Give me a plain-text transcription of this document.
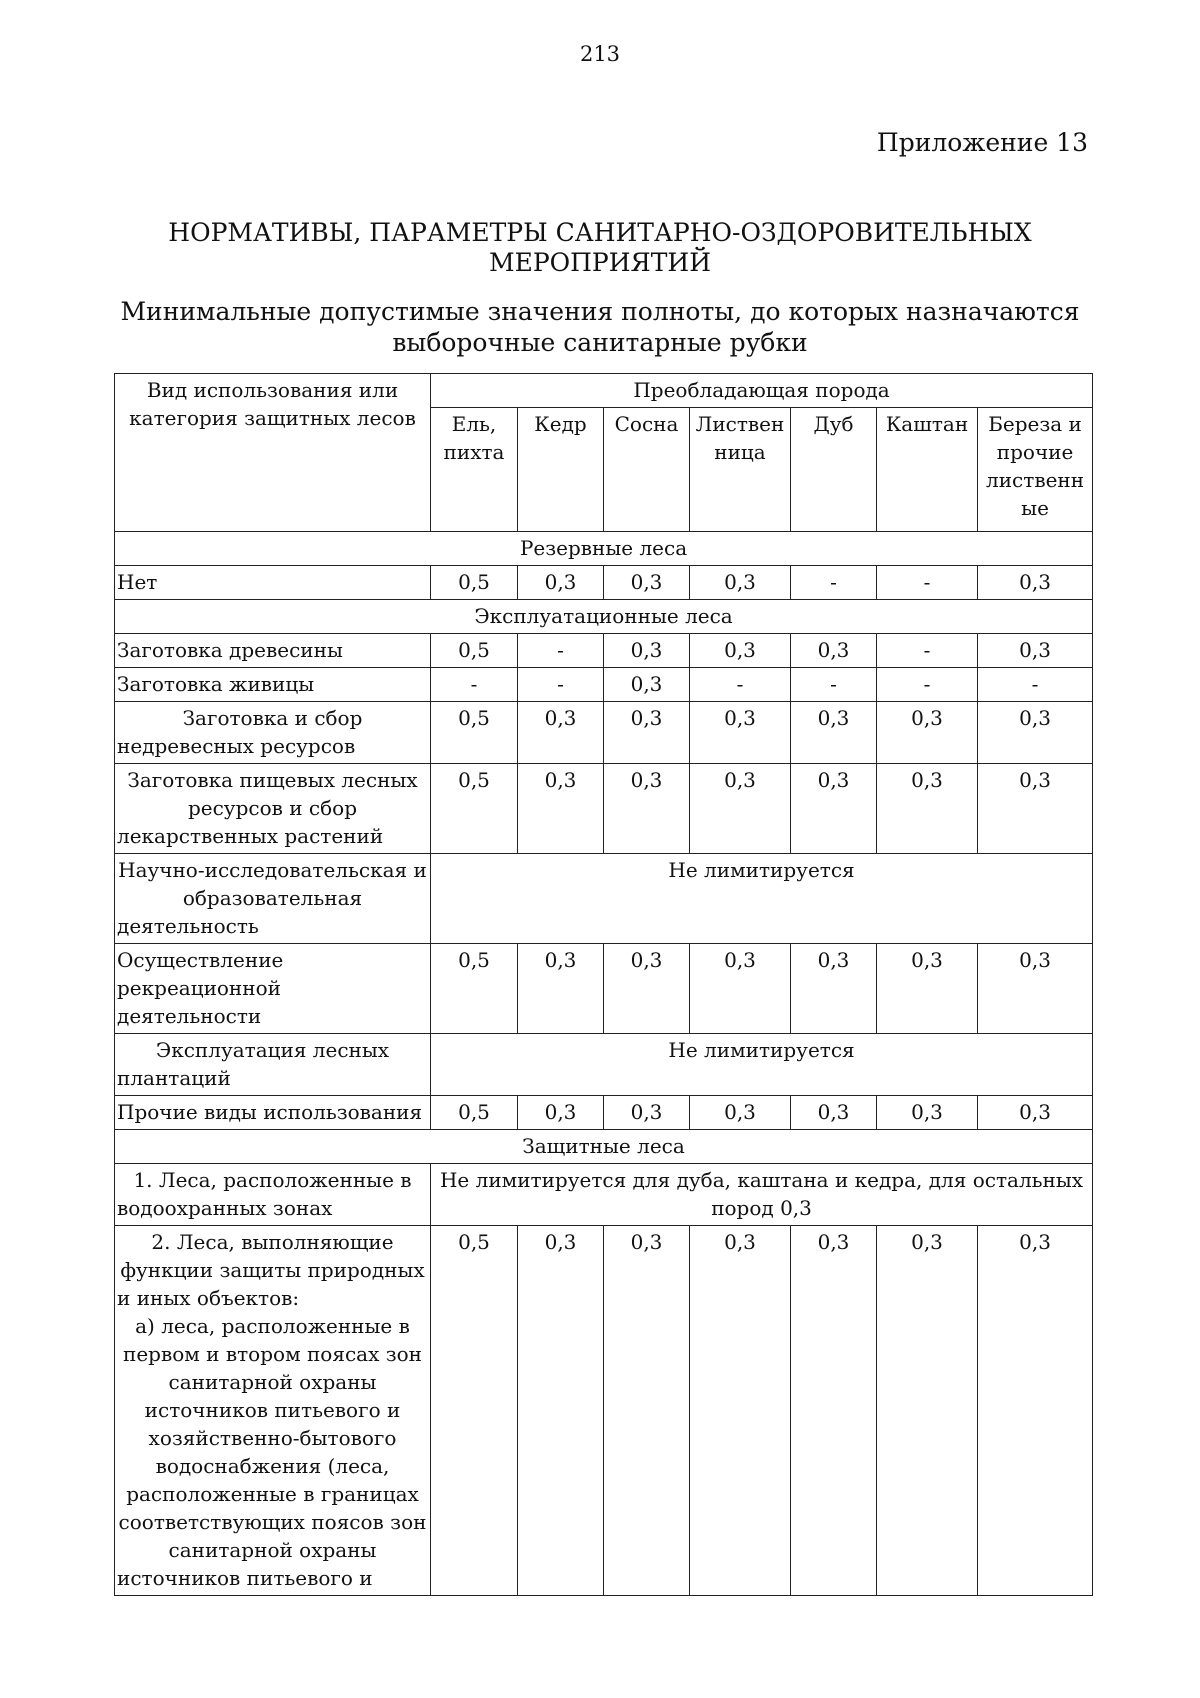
213
Приложение 13
НОРМАТИВЫ, ПАРАМЕТРЫ САНИТАРНО-ОЗДОРОВИТЕЛЬНЫХ МЕРОПРИЯТИЙ
Минимальные допустимые значения полноты, до которых назначаются выборочные санитарные рубки
Вид использования или категория защитных лесов	Преобладающая порода						
	Ель, пихта	Кедр	Сосна	Листвен ница	Дуб	Каштан	Береза и прочие лиственн ые
Резервные леса							
Нет	0,5	0,3	0,3	0,3	-	-	0,3
Эксплуатационные леса							
Заготовка древесины	0,5	-	0,3	0,3	0,3	-	0,3
Заготовка живицы	-	-	0,3	-	-	-	-
Заготовка и сбор недревесных ресурсов	0,5	0,3	0,3	0,3	0,3	0,3	0,3
Заготовка пищевых лесных ресурсов и сбор лекарственных растений	0,5	0,3	0,3	0,3	0,3	0,3	0,3
Научно-исследовательская и образовательная деятельность	Не лимитируется						
Осуществление рекреационной деятельности	0,5	0,3	0,3	0,3	0,3	0,3	0,3
Эксплуатация лесных плантаций	Не лимитируется						
Прочие виды использования	0,5	0,3	0,3	0,3	0,3	0,3	0,3
Защитные леса							
1. Леса, расположенные в водоохранных зонах	Не лимитируется для дуба, каштана и кедра, для остальных пород 0,3						

2. Леса, выполняющие функции защиты природных и иных объектов:
а) леса, расположенные в первом и втором поясах зон санитарной охраны источников питьевого и хозяйственно-бытового водоснабжения (леса, расположенные в границах соответствующих поясов зон санитарной охраны источников питьевого и	0,5	0,3	0,3	0,3	0,3	0,3	0,3
